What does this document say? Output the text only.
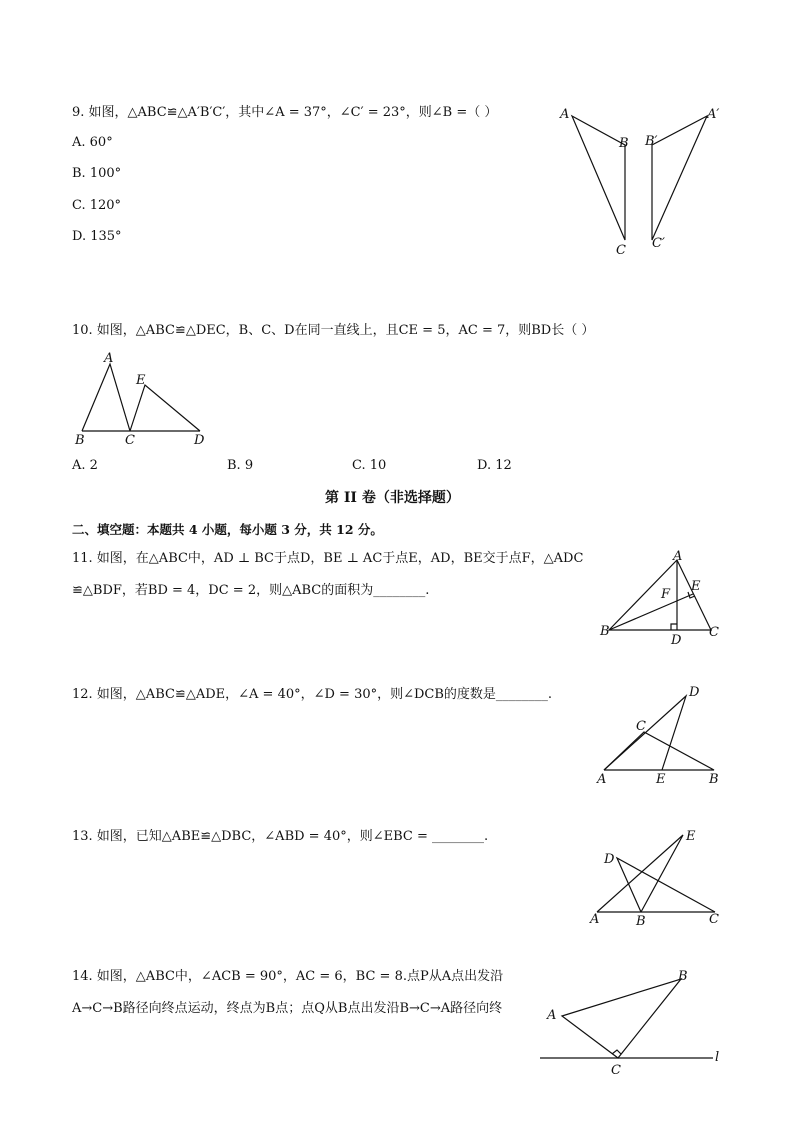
9. 如图，△ABC≌△A′B′C′，其中∠A = 37°，∠C′ = 23°，则∠B =（ ）
A. 60°
B. 100°
C. 120°
D. 135°
A
B
C
A′
B′
C′
10. 如图，△ABC≌△DEC，B、C、D在同一直线上，且CE = 5，AC = 7，则BD长（ ）
A
E
B	C	D
A. 2	B. 9	C. 10	D. 12
第 II 卷（非选择题）
二、填空题：本题共 4 小题，每小题 3 分，共 12 分。
11. 如图，在△ABC中，AD ⊥ BC于点D，BE ⊥ AC于点E，AD，BE交于点F，△ADC
≌△BDF，若BD = 4，DC = 2，则△ABC的面积为________.
A
E
F
B
D
C
12. 如图，△ABC≌△ADE，∠A = 40°，∠D = 30°，则∠DCB的度数是________.	D
C
A	E	B
13. 如图，已知△ABE≌△DBC，∠ABD = 40°，则∠EBC = ________.	E
D
A	B	C
14. 如图，△ABC中，∠ACB = 90°，AC = 6，BC = 8.点P从A点出发沿
A→C→B路径向终点运动，终点为B点；点Q从B点出发沿B→C→A路径向终
B
A
C
l
